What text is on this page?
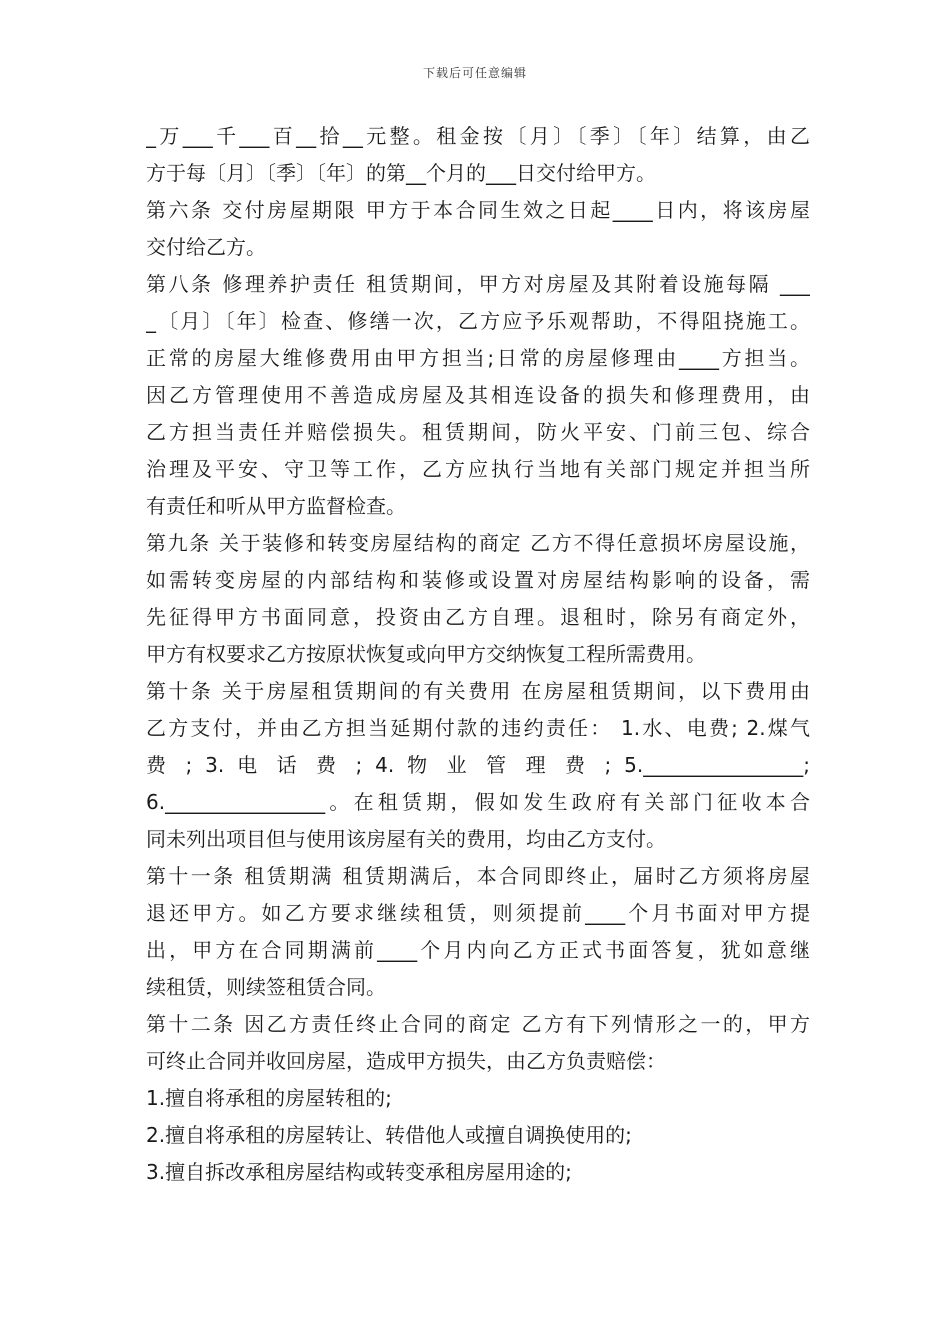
下载后可任意编辑
_万___千___百__拾__元整。租金按〔月〕〔季〕〔年〕结算，由乙
方于每〔月〕〔季〕〔年〕的第__个月的___日交付给甲方。
第六条 交付房屋期限 甲方于本合同生效之日起____日内，将该房屋
交付给乙方。
第八条 修理养护责任 租赁期间，甲方对房屋及其附着设施每隔 ___
_〔月〕〔年〕检查、修缮一次，乙方应予乐观帮助，不得阻挠施工。
正常的房屋大维修费用由甲方担当;日常的房屋修理由____方担当。
因乙方管理使用不善造成房屋及其相连设备的损失和修理费用，由
乙方担当责任并赔偿损失。租赁期间，防火平安、门前三包、综合
治理及平安、守卫等工作，乙方应执行当地有关部门规定并担当所
有责任和听从甲方监督检查。
第九条 关于装修和转变房屋结构的商定 乙方不得任意损坏房屋设施，
如需转变房屋的内部结构和装修或设置对房屋结构影响的设备，需
先征得甲方书面同意，投资由乙方自理。退租时，除另有商定外，
甲方有权要求乙方按原状恢复或向甲方交纳恢复工程所需费用。
第十条 关于房屋租赁期间的有关费用 在房屋租赁期间，以下费用由
乙方支付，并由乙方担当延期付款的违约责任： 1.水、电费; 2.煤气
费 ; 3. 电 话 费 ; 4. 物 业 管 理 费 ; 5.________________;
6.________________。在租赁期，假如发生政府有关部门征收本合
同未列出项目但与使用该房屋有关的费用，均由乙方支付。
第十一条 租赁期满 租赁期满后，本合同即终止，届时乙方须将房屋
退还甲方。如乙方要求继续租赁，则须提前____个月书面对甲方提
出，甲方在合同期满前____个月内向乙方正式书面答复，犹如意继
续租赁，则续签租赁合同。
第十二条 因乙方责任终止合同的商定 乙方有下列情形之一的，甲方
可终止合同并收回房屋，造成甲方损失，由乙方负责赔偿：
1.擅自将承租的房屋转租的;
2.擅自将承租的房屋转让、转借他人或擅自调换使用的;
3.擅自拆改承租房屋结构或转变承租房屋用途的;
